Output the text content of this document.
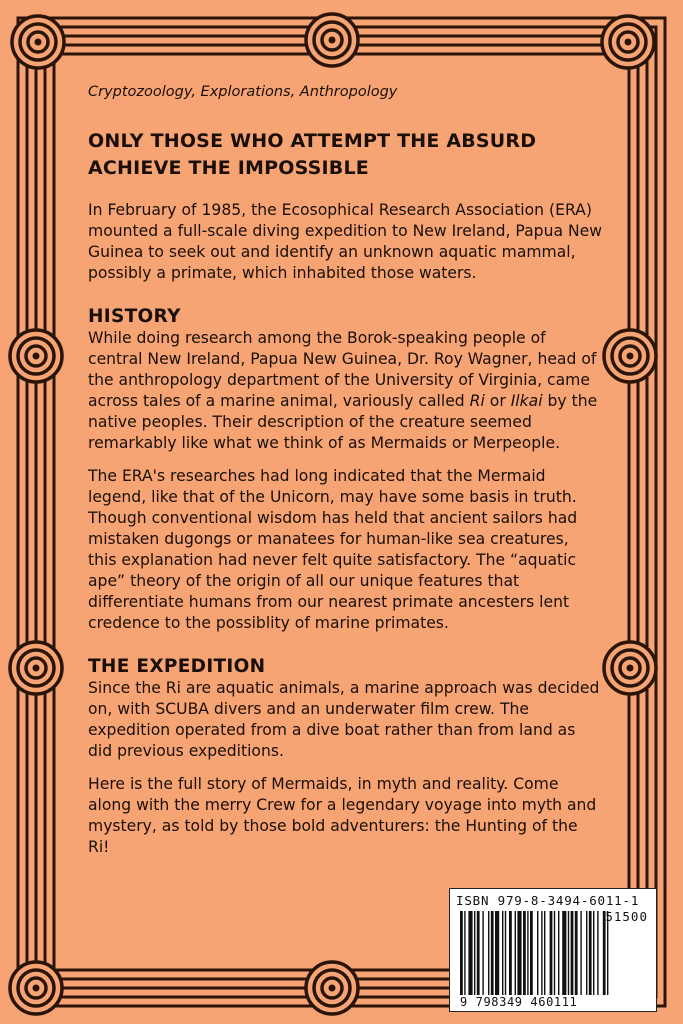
Cryptozoology, Explorations, Anthropology
ONLY THOSE WHO ATTEMPT THE ABSURD ACHIEVE THE IMPOSSIBLE

In February of 1985, the Ecosophical Research Association (ERA) mounted a full-scale diving expedition to New Ireland, Papua New Guinea to seek out and identify an unknown aquatic mammal, possibly a primate, which inhabited those waters.

HISTORY

While doing research among the Borok-speaking people of central New Ireland, Papua New Guinea, Dr. Roy Wagner, head of the anthropology department of the University of Virginia, came across tales of a marine animal, variously called Ri or Ilkai by the native peoples. Their description of the creature seemed remarkably like what we think of as Mermaids or Merpeople.

The ERA's researches had long indicated that the Mermaid legend, like that of the Unicorn, may have some basis in truth. Though conventional wisdom has held that ancient sailors had mistaken dugongs or manatees for human-like sea creatures, this explanation had never felt quite satisfactory. The “aquatic ape” theory of the origin of all our unique features that differentiate humans from our nearest primate ancesters lent credence to the possiblity of marine primates.

THE EXPEDITION

Since the Ri are aquatic animals, a marine approach was decided on, with SCUBA divers and an underwater film crew. The expedition operated from a dive boat rather than from land as did previous expeditions.

Here is the full story of Mermaids, in myth and reality. Come along with the merry Crew for a legendary voyage into myth and mystery, as told by those bold adventurers: the Hunting of the Ri!

ISBN 979-8-3494-6011-1
51500
9 798349 460111
